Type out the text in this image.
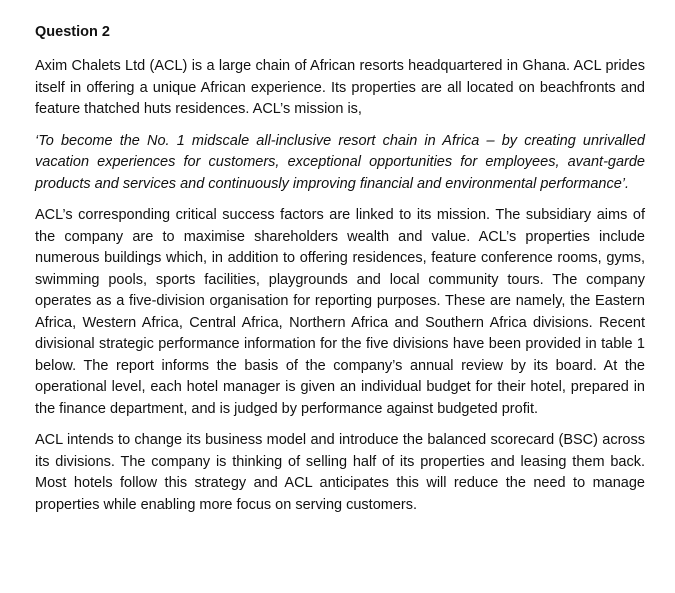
Question 2

Axim Chalets Ltd (ACL) is a large chain of African resorts headquartered in Ghana. ACL prides itself in offering a unique African experience. Its properties are all located on beachfronts and feature thatched huts residences. ACL’s mission is,

‘To become the No. 1 midscale all-inclusive resort chain in Africa – by creating unrivalled vacation experiences for customers, exceptional opportunities for employees, avant-garde products and services and continuously improving financial and environmental performance’.

ACL’s corresponding critical success factors are linked to its mission. The subsidiary aims of the company are to maximise shareholders wealth and value. ACL’s properties include numerous buildings which, in addition to offering residences, feature conference rooms, gyms, swimming pools, sports facilities, playgrounds and local community tours. The company operates as a five-division organisation for reporting purposes. These are namely, the Eastern Africa, Western Africa, Central Africa, Northern Africa and Southern Africa divisions. Recent divisional strategic performance information for the five divisions have been provided in table 1 below. The report informs the basis of the company’s annual review by its board. At the operational level, each hotel manager is given an individual budget for their hotel, prepared in the finance department, and is judged by performance against budgeted profit.

ACL intends to change its business model and introduce the balanced scorecard (BSC) across its divisions. The company is thinking of selling half of its properties and leasing them back. Most hotels follow this strategy and ACL anticipates this will reduce the need to manage properties while enabling more focus on serving customers.
